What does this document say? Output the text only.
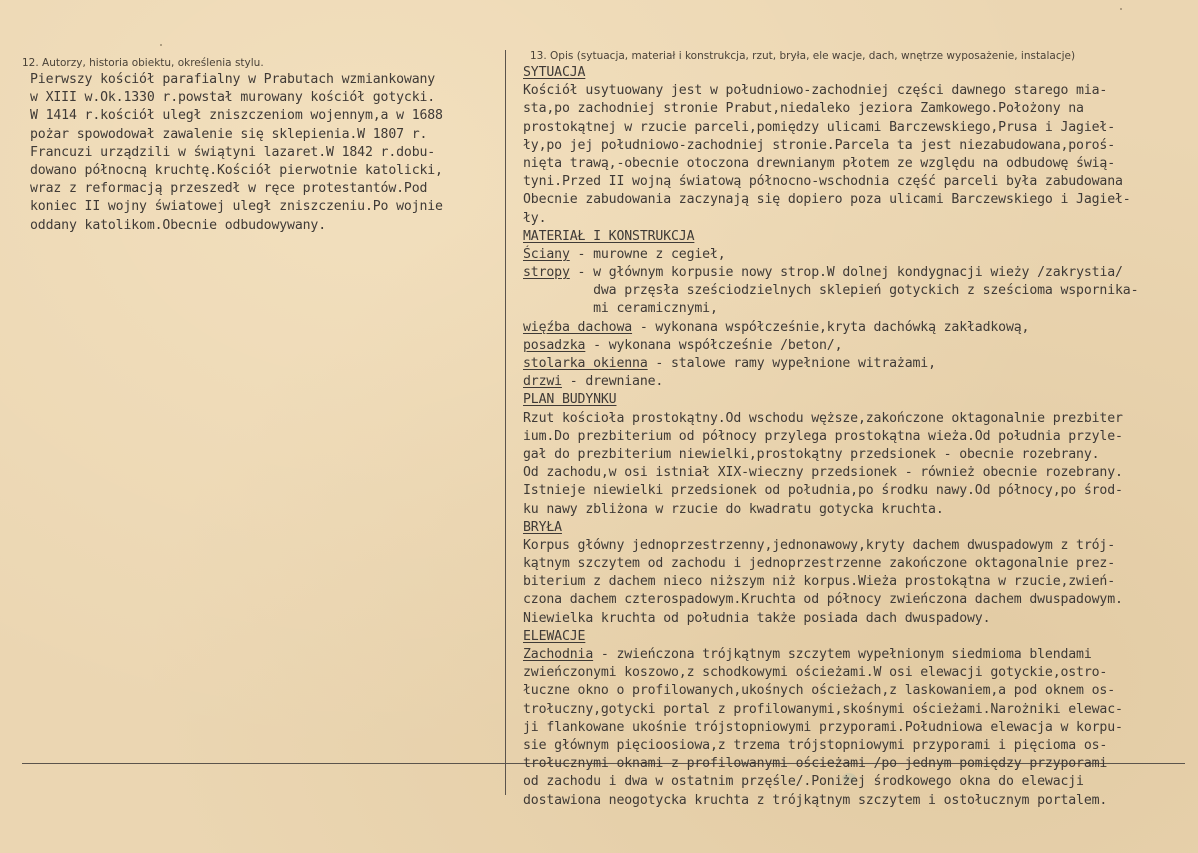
12. Autorzy, historia obiektu, określenia stylu.
13. Opis (sytuacja, materiał i konstrukcja, rzut, bryła, ele wacje, dach, wnętrze wyposażenie, instalacje)
Pierwszy kościół parafialny w Prabutach wzmiankowany
w XIII w.Ok.1330 r.powstał murowany kościół gotycki.
W 1414 r.kościół uległ zniszczeniom wojennym,a w 1688
pożar spowodował zawalenie się sklepienia.W 1807 r.
Francuzi urządzili w świątyni lazaret.W 1842 r.dobu-
dowano północną kruchtę.Kościół pierwotnie katolicki,
wraz z reformacją przeszedł w ręce protestantów.Pod
koniec II wojny światowej uległ zniszczeniu.Po wojnie
oddany katolikom.Obecnie odbudowywany.
SYTUACJA
Kościół usytuowany jest w południowo-zachodniej części dawnego starego mia-
sta,po zachodniej stronie Prabut,niedaleko jeziora Zamkowego.Położony na
prostokątnej w rzucie parceli,pomiędzy ulicami Barczewskiego,Prusa i Jagieł-
ły,po jej południowo-zachodniej stronie.Parcela ta jest niezabudowana,poroś-
nięta trawą,-obecnie otoczona drewnianym płotem ze względu na odbudowę świą-
tyni.Przed II wojną światową północno-wschodnia część parceli była zabudowana
Obecnie zabudowania zaczynają się dopiero poza ulicami Barczewskiego i Jagieł-
ły.
MATERIAŁ I KONSTRUKCJA
Ściany - murowne z cegieł,
stropy - w głównym korpusie nowy strop.W dolnej kondygnacji wieży /zakrystia/
dwa przęsła sześciodzielnych sklepień gotyckich z sześcioma wspornika-
mi ceramicznymi,
więźba dachowa - wykonana współcześnie,kryta dachówką zakładkową,
posadzka - wykonana współcześnie /beton/,
stolarka okienna - stalowe ramy wypełnione witrażami,
drzwi - drewniane.
PLAN BUDYNKU
Rzut kościoła prostokątny.Od wschodu węższe,zakończone oktagonalnie prezbiter
ium.Do prezbiterium od północy przylega prostokątna wieża.Od południa przyle-
gał do prezbiterium niewielki,prostokątny przedsionek - obecnie rozebrany.
Od zachodu,w osi istniał XIX-wieczny przedsionek - również obecnie rozebrany.
Istnieje niewielki przedsionek od południa,po środku nawy.Od północy,po środ-
ku nawy zbliżona w rzucie do kwadratu gotycka kruchta.
BRYŁA
Korpus główny jednoprzestrzenny,jednonawowy,kryty dachem dwuspadowym z trój-
kątnym szczytem od zachodu i jednoprzestrzenne zakończone oktagonalnie prez-
biterium z dachem nieco niższym niż korpus.Wieża prostokątna w rzucie,zwień-
czona dachem czterospadowym.Kruchta od północy zwieńczona dachem dwuspadowym.
Niewielka kruchta od południa także posiada dach dwuspadowy.
ELEWACJE
Zachodnia - zwieńczona trójkątnym szczytem wypełnionym siedmioma blendami
zwieńczonymi koszowo,z schodkowymi ościeżami.W osi elewacji gotyckie,ostro-
łuczne okno o profilowanych,ukośnych ościeżach,z laskowaniem,a pod oknem os-
trołuczny,gotycki portal z profilowanymi,skośnymi ościeżami.Narożniki elewac-
ji flankowane ukośnie trójstopniowymi przyporami.Południowa elewacja w korpu-
sie głównym pięcioosiowa,z trzema trójstopniowymi przyporami i pięcioma os-
trołucznymi oknami z profilowanymi ościeżami /po jednym pomiędzy przyporami
od zachodu i dwa w ostatnim przęśle/.Poniżej środkowego okna do elewacji
dostawiona neogotycka kruchta z trójkątnym szczytem i ostołucznym portalem.
